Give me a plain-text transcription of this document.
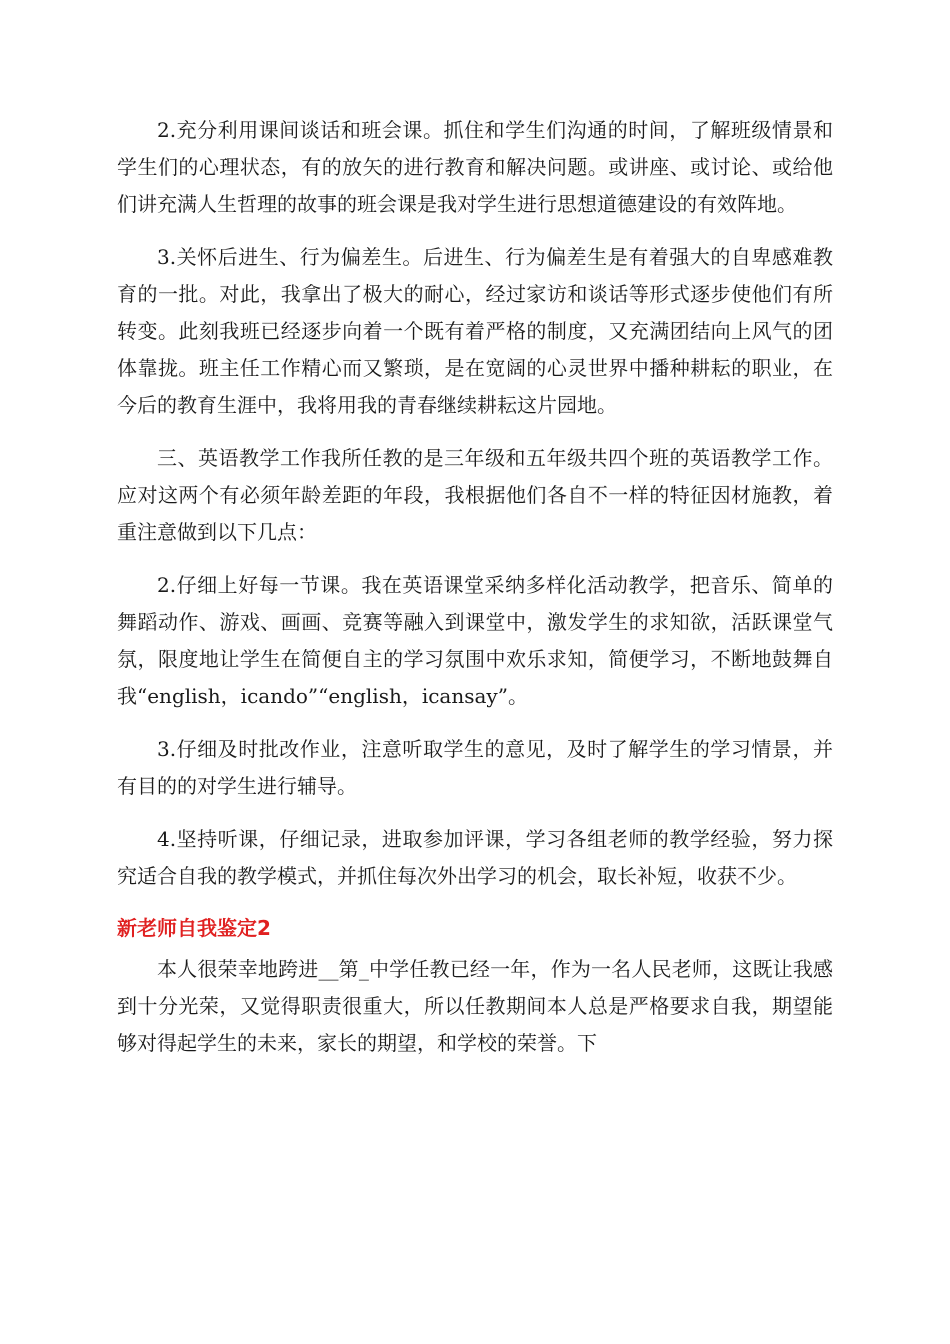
2.充分利用课间谈话和班会课。抓住和学生们沟通的时间，了解班级情景和学生们的心理状态，有的放矢的进行教育和解决问题。或讲座、或讨论、或给他们讲充满人生哲理的故事的班会课是我对学生进行思想道德建设的有效阵地。

3.关怀后进生、行为偏差生。后进生、行为偏差生是有着强大的自卑感难教育的一批。对此，我拿出了极大的耐心，经过家访和谈话等形式逐步使他们有所转变。此刻我班已经逐步向着一个既有着严格的制度，又充满团结向上风气的团体靠拢。班主任工作精心而又繁琐，是在宽阔的心灵世界中播种耕耘的职业，在今后的教育生涯中，我将用我的青春继续耕耘这片园地。

三、英语教学工作我所任教的是三年级和五年级共四个班的英语教学工作。应对这两个有必须年龄差距的年段，我根据他们各自不一样的特征因材施教，着重注意做到以下几点：

2.仔细上好每一节课。我在英语课堂采纳多样化活动教学，把音乐、简单的舞蹈动作、游戏、画画、竞赛等融入到课堂中，激发学生的求知欲，活跃课堂气氛，限度地让学生在简便自主的学习氛围中欢乐求知，简便学习，不断地鼓舞自我“english，icando”“english，icansay”。

3.仔细及时批改作业，注意听取学生的意见，及时了解学生的学习情景，并有目的的对学生进行辅导。

4.坚持听课，仔细记录，进取参加评课，学习各组老师的教学经验，努力探究适合自我的教学模式，并抓住每次外出学习的机会，取长补短，收获不少。

新老师自我鉴定2

本人很荣幸地跨进__第_中学任教已经一年，作为一名人民老师，这既让我感到十分光荣，又觉得职责很重大，所以任教期间本人总是严格要求自我，期望能够对得起学生的未来，家长的期望，和学校的荣誉。下
